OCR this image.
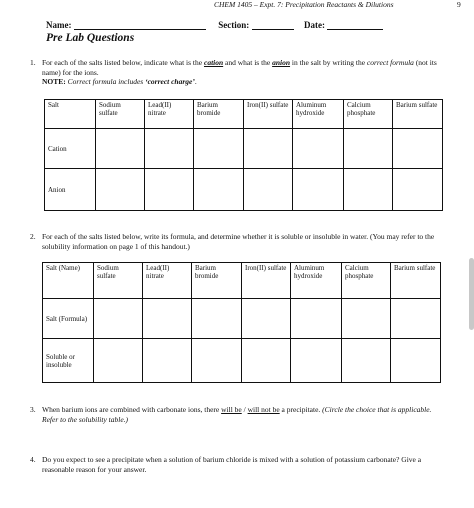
CHEM 1405 – Expt. 7: Precipitation Reactants & Dilutions	9
Name:	Section:	Date:
Pre Lab Questions
1. For each of the salts listed below, indicate what is the cation and what is the anion in the salt by writing the correct formula (not its name) for the ions.
NOTE: Correct formula includes ‘correct charge’.
Salt	Sodium sulfate	Lead(II) nitrate	Barium bromide	Iron(II) sulfate	Aluminum hydroxide	Calcium phosphate	Barium sulfate
Cation							
Anion							
2. For each of the salts listed below, write its formula, and determine whether it is soluble or insoluble in water. (You may refer to the solubility information on page 1 of this handout.)
Salt (Name)	Sodium sulfate	Lead(II) nitrate	Barium bromide	Iron(II) sulfate	Aluminum hydroxide	Calcium phosphate	Barium sulfate
Salt (Formula)							
Soluble or insoluble							
3. When barium ions are combined with carbonate ions, there will be / will not be a precipitate. (Circle the choice that is applicable. Refer to the solubility table.)
4. Do you expect to see a precipitate when a solution of barium chloride is mixed with a solution of potassium carbonate? Give a reasonable reason for your answer.
